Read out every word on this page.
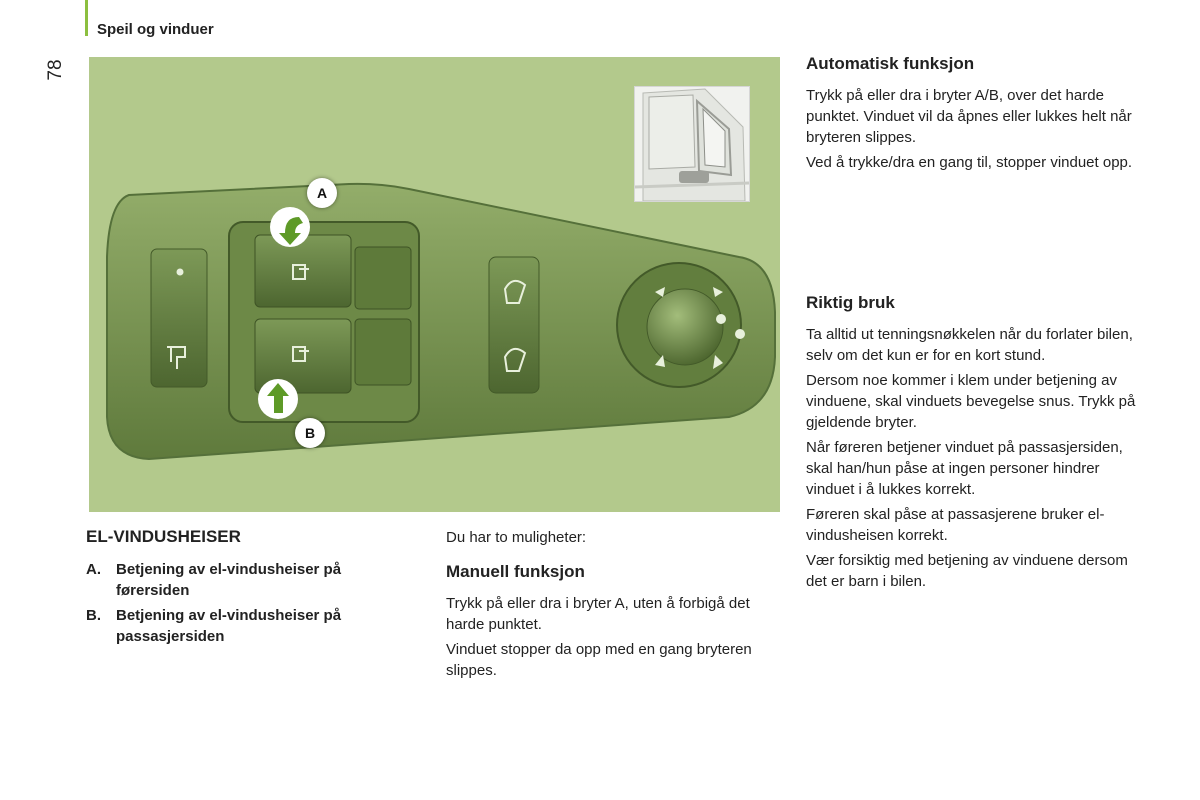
Speil og vinduer
78
A
B
EL-VINDUSHEISER
A.	Betjening av el-vindusheiser på førersiden
B.	Betjening av el-vindusheiser på passasjersiden

Du har to muligheter:

Manuell funksjon

Trykk på eller dra i bryter A, uten å forbigå det harde punktet.

Vinduet stopper da opp med en gang bryteren slippes.

Automatisk funksjon

Trykk på eller dra i bryter A/B, over det harde punktet. Vinduet vil da åpnes eller lukkes helt når bryteren slippes.

Ved å trykke/dra en gang til, stopper vinduet opp.

Riktig bruk

Ta alltid ut tenningsnøkkelen når du forlater bilen, selv om det kun er for en kort stund.

Dersom noe kommer i klem under betjening av vinduene, skal vinduets bevegelse snus. Trykk på gjeldende bryter.

Når føreren betjener vinduet på passasjersiden, skal han/hun påse at ingen personer hindrer vinduet i å lukkes korrekt.

Føreren skal påse at passasjerene bruker el-vindusheisen korrekt.

Vær forsiktig med betjening av vinduene dersom det er barn i bilen.
